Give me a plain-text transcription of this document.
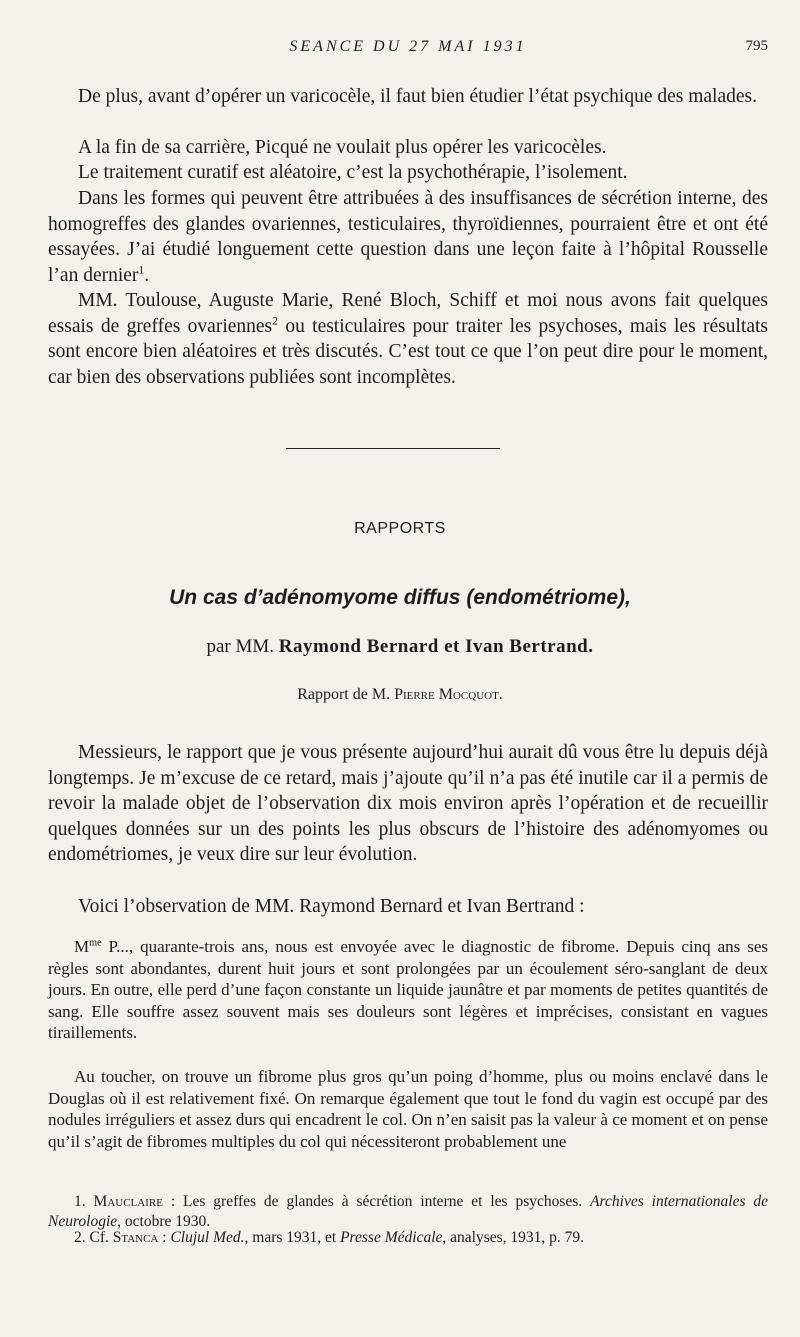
SEANCE DU 27 MAI 1931	795

De plus, avant d’opérer un varicocèle, il faut bien étudier l’état psychique des malades.

A la fin de sa carrière, Picqué ne voulait plus opérer les varicocèles.

Le traitement curatif est aléatoire, c’est la psychothérapie, l’isolement.

Dans les formes qui peuvent être attribuées à des insuffisances de sécrétion interne, des homogreffes des glandes ovariennes, testiculaires, thyroïdiennes, pourraient être et ont été essayées. J’ai étudié longuement cette question dans une leçon faite à l’hôpital Rousselle l’an dernier$^1$.

MM. Toulouse, Auguste Marie, René Bloch, Schiff et moi nous avons fait quelques essais de greffes ovariennes$^2$ ou testiculaires pour traiter les psychoses, mais les résultats sont encore bien aléatoires et très discutés. C’est tout ce que l’on peut dire pour le moment, car bien des observations publiées sont incomplètes.

RAPPORTS
Un cas d’adénomyome diffus (endométriome),
par MM. Raymond Bernard et Ivan Bertrand.
Rapport de M. Pierre Mocquot.

Messieurs, le rapport que je vous présente aujourd’hui aurait dû vous être lu depuis déjà longtemps. Je m’excuse de ce retard, mais j’ajoute qu’il n’a pas été inutile car il a permis de revoir la malade objet de l’observation dix mois environ après l’opération et de recueillir quelques données sur un des points les plus obscurs de l’histoire des adénomyomes ou endométriomes, je veux dire sur leur évolution.

Voici l’observation de MM. Raymond Bernard et Ivan Bertrand :

$M^{me}$ P..., quarante-trois ans, nous est envoyée avec le diagnostic de fibrome. Depuis cinq ans ses règles sont abondantes, durent huit jours et sont prolongées par un écoulement séro-sanglant de deux jours. En outre, elle perd d’une façon constante un liquide jaunâtre et par moments de petites quantités de sang. Elle souffre assez souvent mais ses douleurs sont légères et imprécises, consistant en vagues tiraillements.

Au toucher, on trouve un fibrome plus gros qu’un poing d’homme, plus ou moins enclavé dans le Douglas où il est relativement fixé. On remarque également que tout le fond du vagin est occupé par des nodules irréguliers et assez durs qui encadrent le col. On n’en saisit pas la valeur à ce moment et on pense qu’il s’agit de fibromes multiples du col qui nécessiteront probablement une

1. Mauclaire : Les greffes de glandes à sécrétion interne et les psychoses. Archives internationales de Neurologie, octobre 1930.

2. Cf. Stanca : Clujul Med., mars 1931, et Presse Médicale, analyses, 1931, p. 79.
